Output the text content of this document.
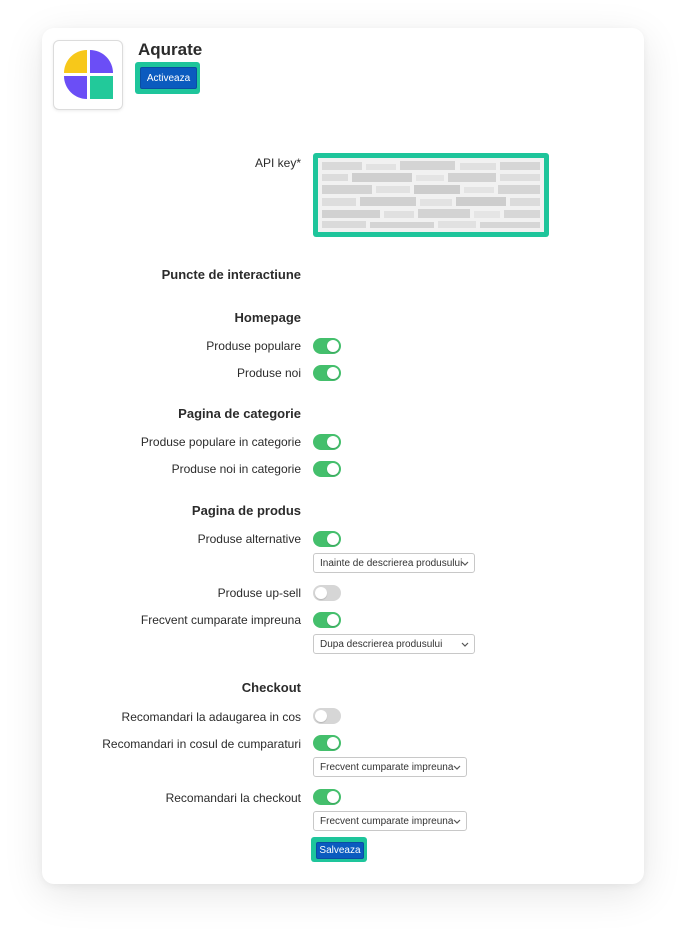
Aqurate
Activeaza
API key*
Puncte de interactiune
Homepage
Produse populare
Produse noi
Pagina de categorie
Produse populare in categorie
Produse noi in categorie
Pagina de produs
Produse alternative
Inainte de descrierea produsului
Produse up-sell
Frecvent cumparate impreuna
Dupa descrierea produsului
Checkout
Recomandari la adaugarea in cos
Recomandari in cosul de cumparaturi
Frecvent cumparate impreuna
Recomandari la checkout
Frecvent cumparate impreuna
Salveaza
